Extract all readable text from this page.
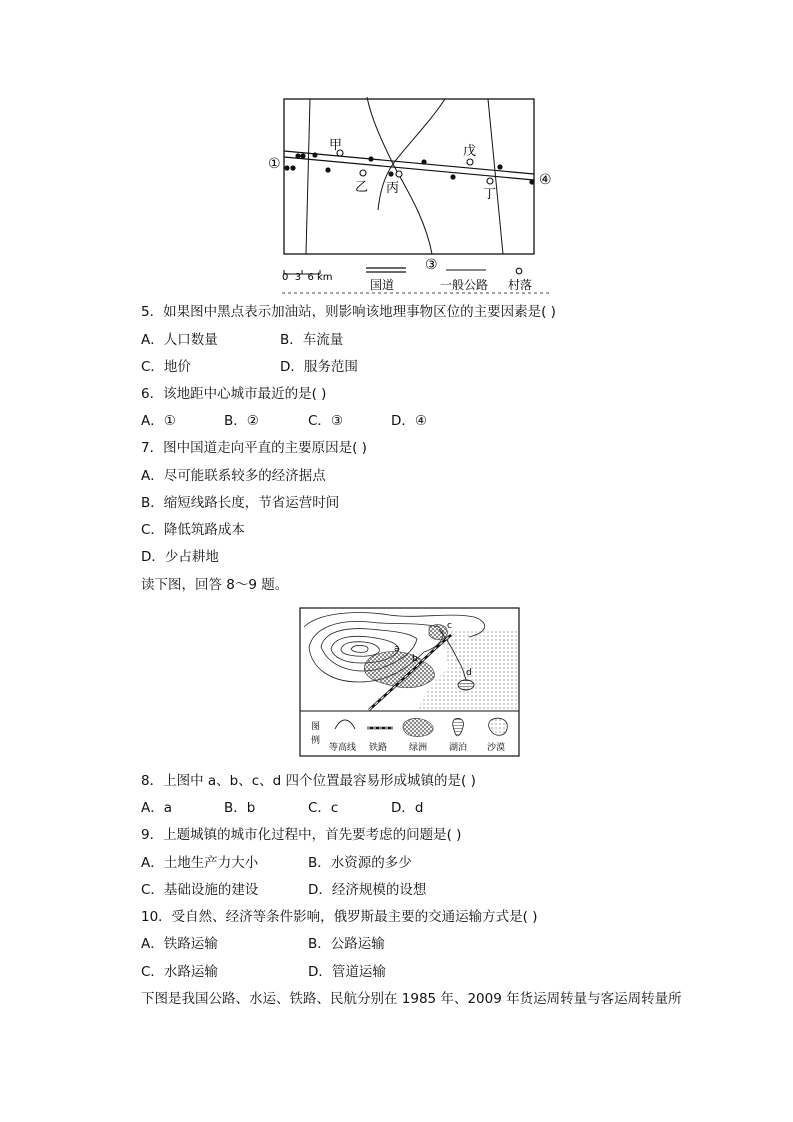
①
④
③
甲
乙 丙
戊
丁
0  3  6 km
国道	一般公路 村落
5．如果图中黑点表示加油站，则影响该地理事物区位的主要因素是( )
A．人口数量	B．车流量
C．地价	D．服务范围
6．该地距中心城市最近的是( )
A．①	B．②	C．③	D．④
7．图中国道走向平直的主要原因是( )
A．尽可能联系较多的经济据点
B．缩短线路长度，节省运营时间
C．降低筑路成本
D．少占耕地
读下图，回答 8～9 题。
a
b
c
d
图
例
等高线 铁路 绿洲 湖泊 沙漠
8．上图中 a、b、c、d 四个位置最容易形成城镇的是( )
A．a	B．b	C．c	D．d
9．上题城镇的城市化过程中，首先要考虑的问题是( )
A．土地生产力大小	B．水资源的多少
C．基础设施的建设	D．经济规模的设想
10．受自然、经济等条件影响，俄罗斯最主要的交通运输方式是( )
A．铁路运输	B．公路运输
C．水路运输	D．管道运输
下图是我国公路、水运、铁路、民航分别在 1985 年、2009 年货运周转量与客运周转量所
